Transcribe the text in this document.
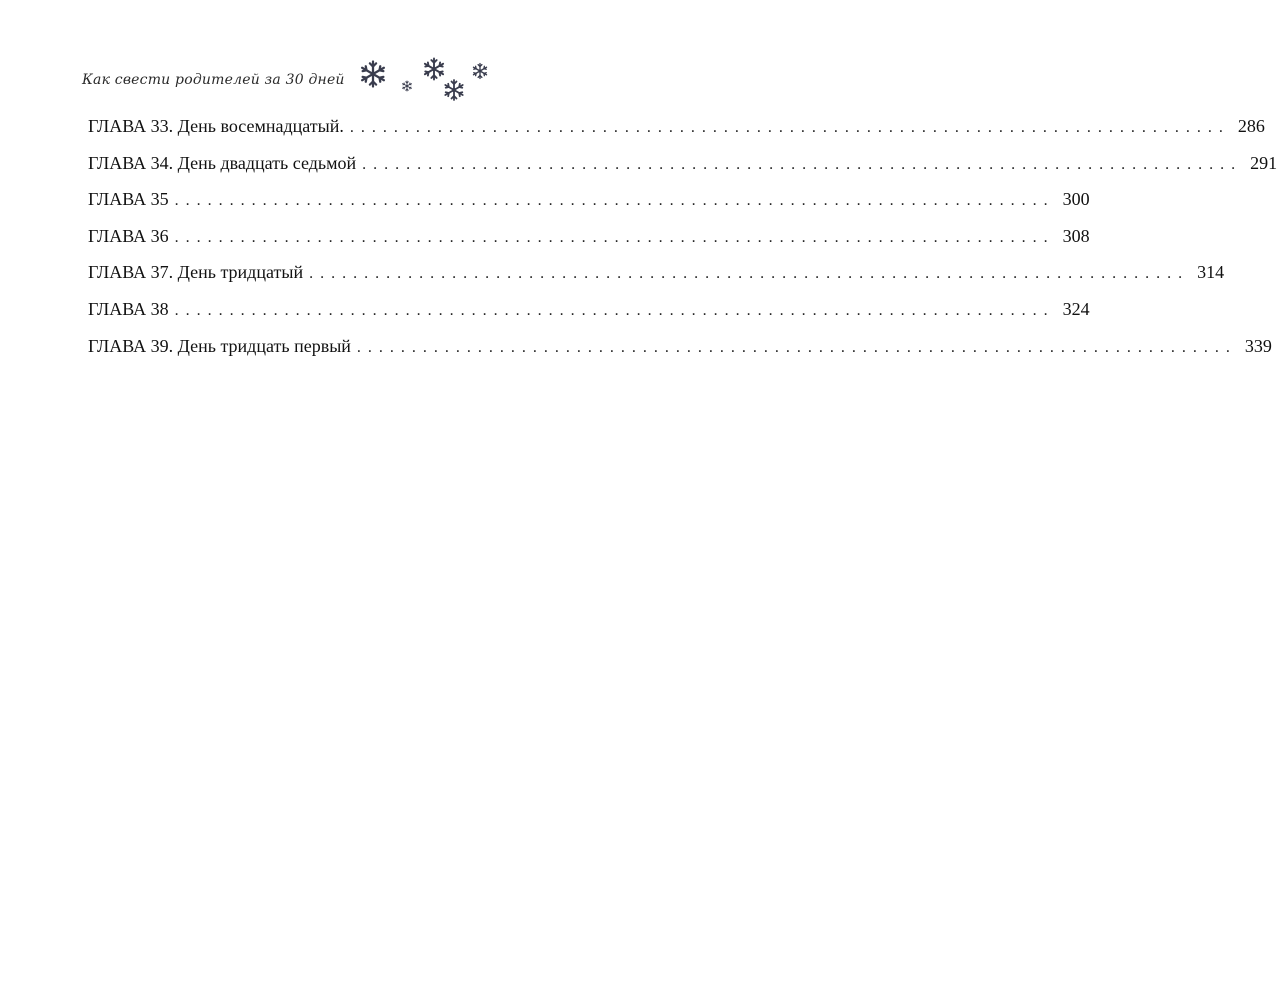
Как свести родителей за 30 дней
ГЛАВА 33. День восемнадцатый. ................................................................................ 286
ГЛАВА 34. День двадцать седьмой ................................................................................ 291
ГЛАВА 35 ................................................................................ 300
ГЛАВА 36 ................................................................................ 308
ГЛАВА 37. День тридцатый ................................................................................ 314
ГЛАВА 38 ................................................................................ 324
ГЛАВА 39. День тридцать первый ................................................................................ 339
